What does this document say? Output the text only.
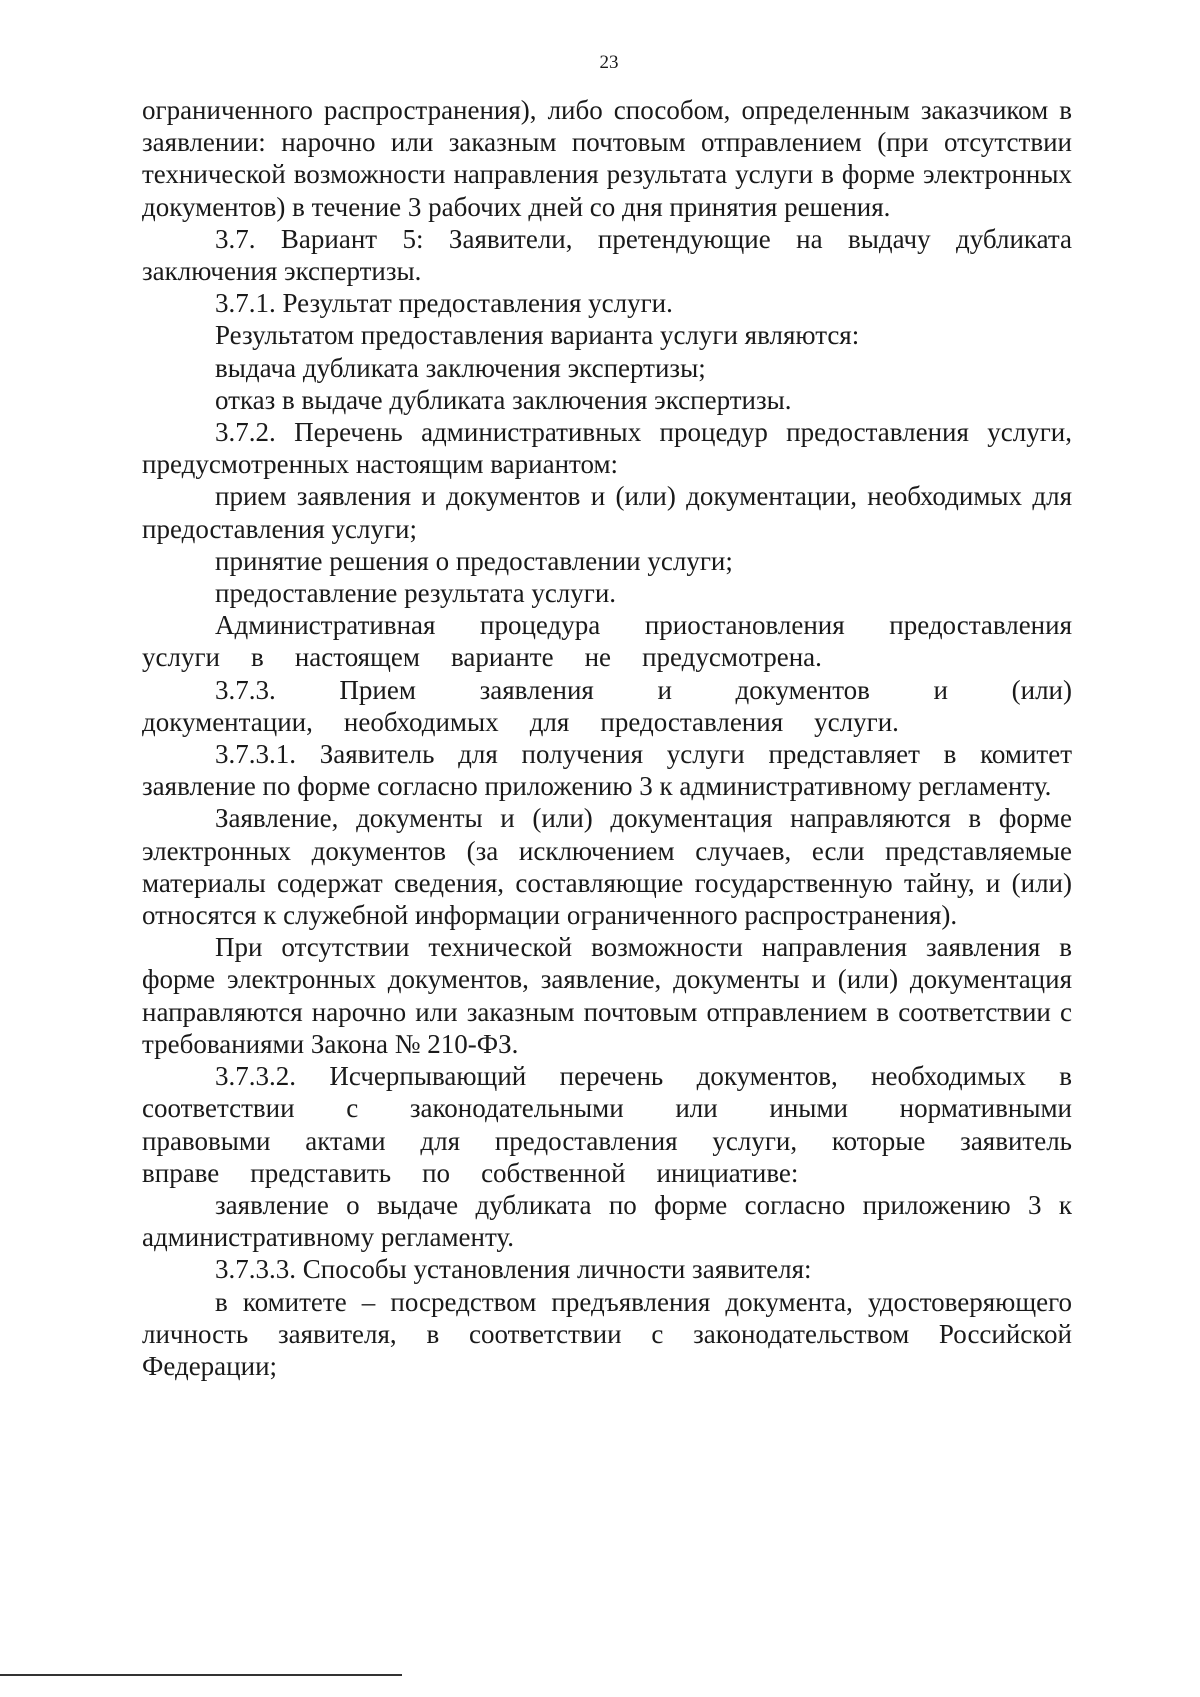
23

ограниченного распространения), либо способом, определенным заказчиком в заявлении: нарочно или заказным почтовым отправлением (при отсутствии технической возможности направления результата услуги в форме электронных документов) в течение 3 рабочих дней со дня принятия решения.

3.7. Вариант 5: Заявители, претендующие на выдачу дубликата заключения экспертизы.

3.7.1. Результат предоставления услуги.

Результатом предоставления варианта услуги являются:

выдача дубликата заключения экспертизы;

отказ в выдаче дубликата заключения экспертизы.

3.7.2. Перечень административных процедур предоставления услуги, предусмотренных настоящим вариантом:

прием заявления и документов и (или) документации, необходимых для предоставления услуги;

принятие решения о предоставлении услуги;

предоставление результата услуги.

Административная процедура приостановления предоставления услуги в настоящем варианте не предусмотрена.

3.7.3. Прием заявления и документов и (или) документации, необходимых для предоставления услуги.

3.7.3.1. Заявитель для получения услуги представляет в комитет заявление по форме согласно приложению 3 к административному регламенту.

Заявление, документы и (или) документация направляются в форме электронных документов (за исключением случаев, если представляемые материалы содержат сведения, составляющие государственную тайну, и (или) относятся к служебной информации ограниченного распространения).

При отсутствии технической возможности направления заявления в форме электронных документов, заявление, документы и (или) документация направляются нарочно или заказным почтовым отправлением в соответствии с требованиями Закона № 210-ФЗ.

3.7.3.2. Исчерпывающий перечень документов, необходимых в соответствии с законодательными или иными нормативными правовыми актами для предоставления услуги, которые заявитель вправе представить по собственной инициативе:

заявление о выдаче дубликата по форме согласно приложению 3 к административному регламенту.

3.7.3.3. Способы установления личности заявителя:

в комитете – посредством предъявления документа, удостоверяющего личность заявителя, в соответствии с законодательством Российской Федерации;
